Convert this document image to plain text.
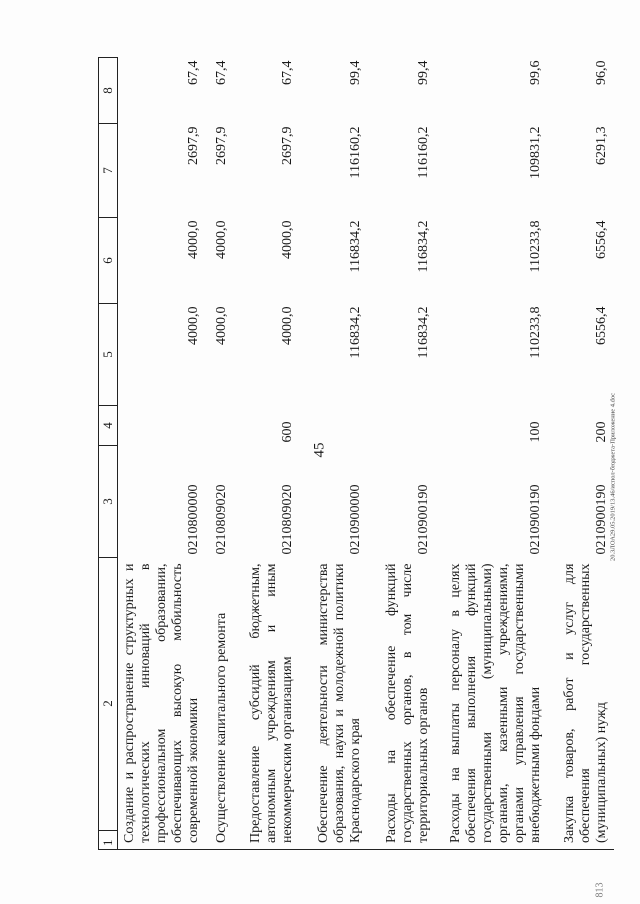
45	20.3ЛОА29.05.2019/13.46/испол-бюджета-Приложение 4.doc
813
1
2	3	4	5	6	7	8
Создание и распространение структурных и технологических инноваций в профессиональном образовании, обеспечивающих высокую мобильность современной экономики	0210800000		4000,0	4000,0	2697,9	67,4
Осуществление капитального ремонта	0210809020		4000,0	4000,0	2697,9	67,4
Предоставление субсидий бюджетным, автономным учреждениям и иным некоммерческим организациям	0210809020	600	4000,0	4000,0	2697,9	67,4
Обеспечение деятельности министерства образования, науки и молодежной политики Краснодарского края	0210900000		116834,2	116834,2	116160,2	99,4
Расходы на обеспечение функций государственных органов, в том числе территориальных органов	0210900190		116834,2	116834,2	116160,2	99,4
Расходы на выплаты персоналу в целях обеспечения выполнения функций государственными (муниципальными) органами, казенными учреждениями, органами управления государственными внебюджетными фондами	0210900190	100	110233,8	110233,8	109831,2	99,6
Закупка товаров, работ и услуг для обеспечения государственных (муниципальных) нужд	0210900190	200	6556,4	6556,4	6291,3	96,0
